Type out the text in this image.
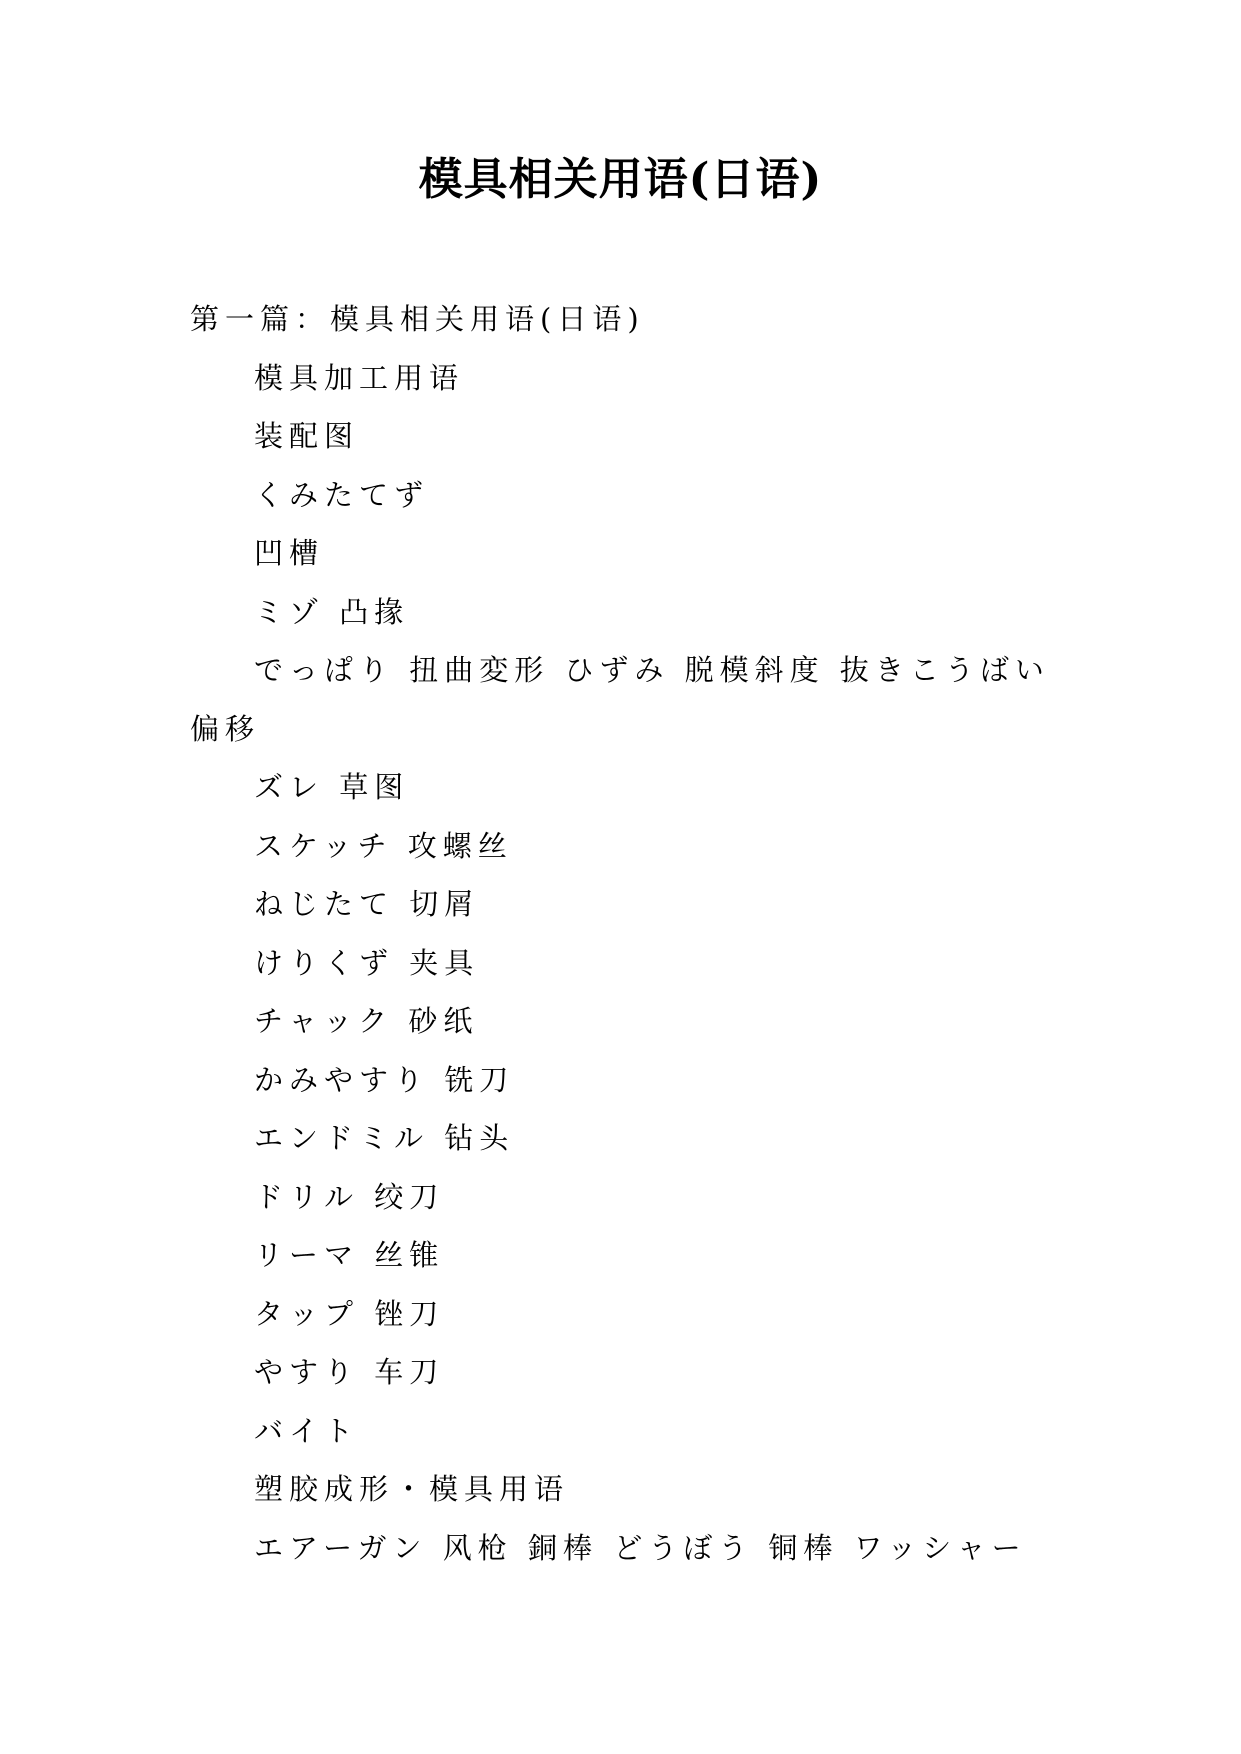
模具相关用语(日语)

第一篇：模具相关用语(日语)

模具加工用语

装配图

くみたてず

凹槽

ミゾ 凸掾

でっぱり 扭曲変形 ひずみ 脱模斜度 抜きこうばい偏移

ズレ 草图

スケッチ 攻螺丝

ねじたて 切屑

けりくず 夹具

チャック 砂纸

かみやすり 铣刀

エンドミル 钻头

ドリル 绞刀

リーマ 丝锥

タップ 锉刀

やすり 车刀

バイト

塑胶成形・模具用语

エアーガン 风枪 銅棒 どうぼう 铜棒 ワッシャー
